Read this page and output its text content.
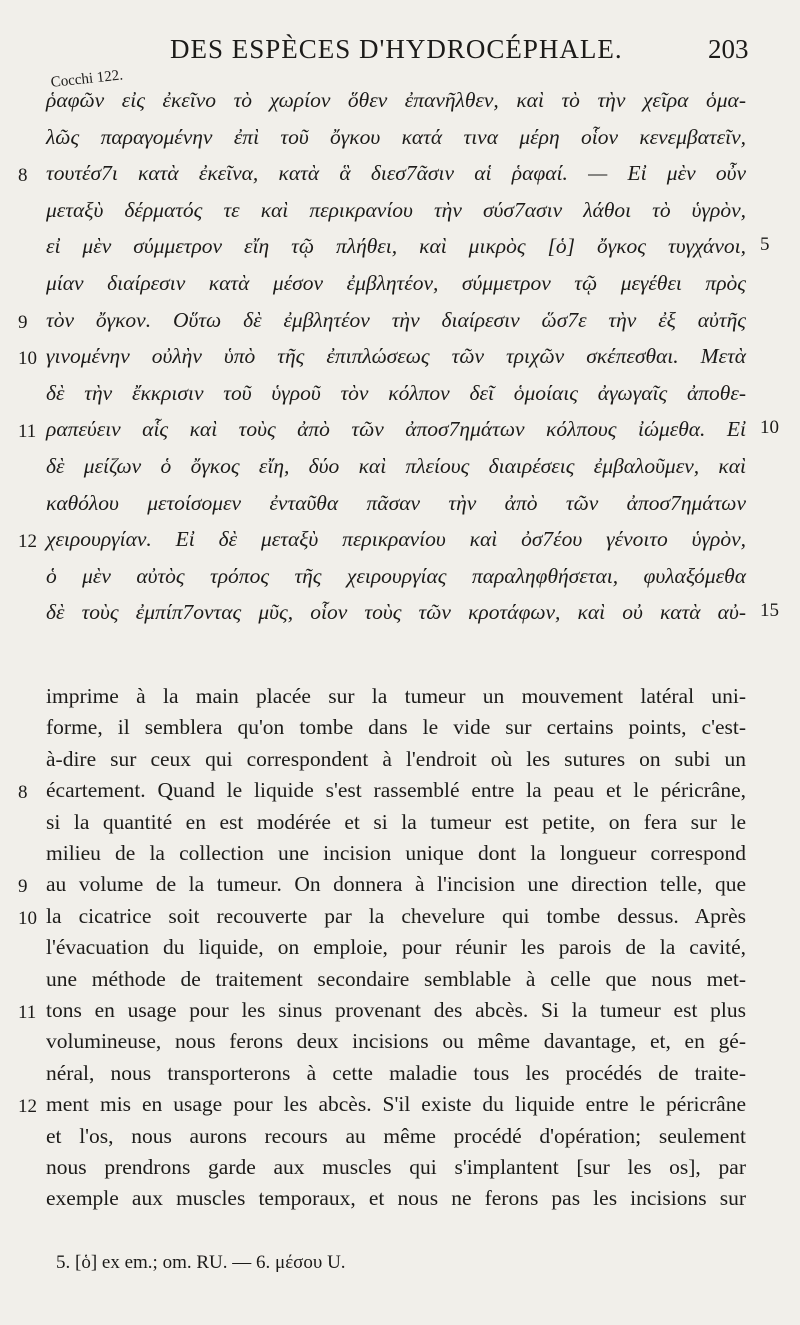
DES ESPÈCES D'HYDROCÉPHALE.	203
Cocchi 122.
ῥαφῶν εἰς ἐκεῖνο τὸ χωρίον ὅθεν ἐπανῆλθεν, καὶ τὸ τὴν χεῖρα ὁμα-
λῶς παραγομένην ἐπὶ τοῦ ὄγκου κατά τινα μέρη οἷον κενεμβατεῖν,
8 τουτέσ7ι κατὰ ἐκεῖνα, κατὰ ἃ διεσ7ᾶσιν αἱ ῥαφαί. — Εἰ μὲν οὖν
μεταξὺ δέρματός τε καὶ περικρανίου τὴν σύσ7ασιν λάθοι τὸ ὑγρὸν,
εἰ μὲν σύμμετρον εἴη τῷ πλήθει, καὶ μικρὸς [ὁ] ὄγκος τυγχάνοι, 5
μίαν διαίρεσιν κατὰ μέσον ἐμβλητέον, σύμμετρον τῷ μεγέθει πρὸς
9 τὸν ὄγκον. Οὕτω δὲ ἐμβλητέον τὴν διαίρεσιν ὥσ7ε τὴν ἐξ αὐτῆς
10 γινομένην οὐλὴν ὑπὸ τῆς ἐπιπλώσεως τῶν τριχῶν σκέπεσθαι. Μετὰ
δὲ τὴν ἔκκρισιν τοῦ ὑγροῦ τὸν κόλπον δεῖ ὁμοίαις ἀγωγαῖς ἀποθε-
11 ραπεύειν αἷς καὶ τοὺς ἀπὸ τῶν ἀποσ7ημάτων κόλπους ἰώμεθα. Εἰ 10
δὲ μείζων ὁ ὄγκος εἴη, δύο καὶ πλείους διαιρέσεις ἐμβαλοῦμεν, καὶ
καθόλου μετοίσομεν ἐνταῦθα πᾶσαν τὴν ἀπὸ τῶν ἀποσ7ημάτων
12 χειρουργίαν. Εἰ δὲ μεταξὺ περικρανίου καὶ ὀσ7έου γένοιτο ὑγρὸν,
ὁ μὲν αὐτὸς τρόπος τῆς χειρουργίας παραληφθήσεται, φυλαξόμεθα
δὲ τοὺς ἐμπίπ7οντας μῦς, οἷον τοὺς τῶν κροτάφων, καὶ οὐ κατὰ αὐ- 15
imprime à la main placée sur la tumeur un mouvement latéral uni-
forme, il semblera qu'on tombe dans le vide sur certains points, c'est-
à-dire sur ceux qui correspondent à l'endroit où les sutures on subi un
8 écartement. Quand le liquide s'est rassemblé entre la peau et le péricrâne,
si la quantité en est modérée et si la tumeur est petite, on fera sur le
milieu de la collection une incision unique dont la longueur correspond
9 au volume de la tumeur. On donnera à l'incision une direction telle, que
10 la cicatrice soit recouverte par la chevelure qui tombe dessus. Après
l'évacuation du liquide, on emploie, pour réunir les parois de la cavité,
une méthode de traitement secondaire semblable à celle que nous met-
11 tons en usage pour les sinus provenant des abcès. Si la tumeur est plus
volumineuse, nous ferons deux incisions ou même davantage, et, en gé-
néral, nous transporterons à cette maladie tous les procédés de traite-
12 ment mis en usage pour les abcès. S'il existe du liquide entre le péricrâne
et l'os, nous aurons recours au même procédé d'opération; seulement
nous prendrons garde aux muscles qui s'implantent [sur les os], par
exemple aux muscles temporaux, et nous ne ferons pas les incisions sur
5. [ὁ] ex em.; om. RU. — 6. μέσου U.
